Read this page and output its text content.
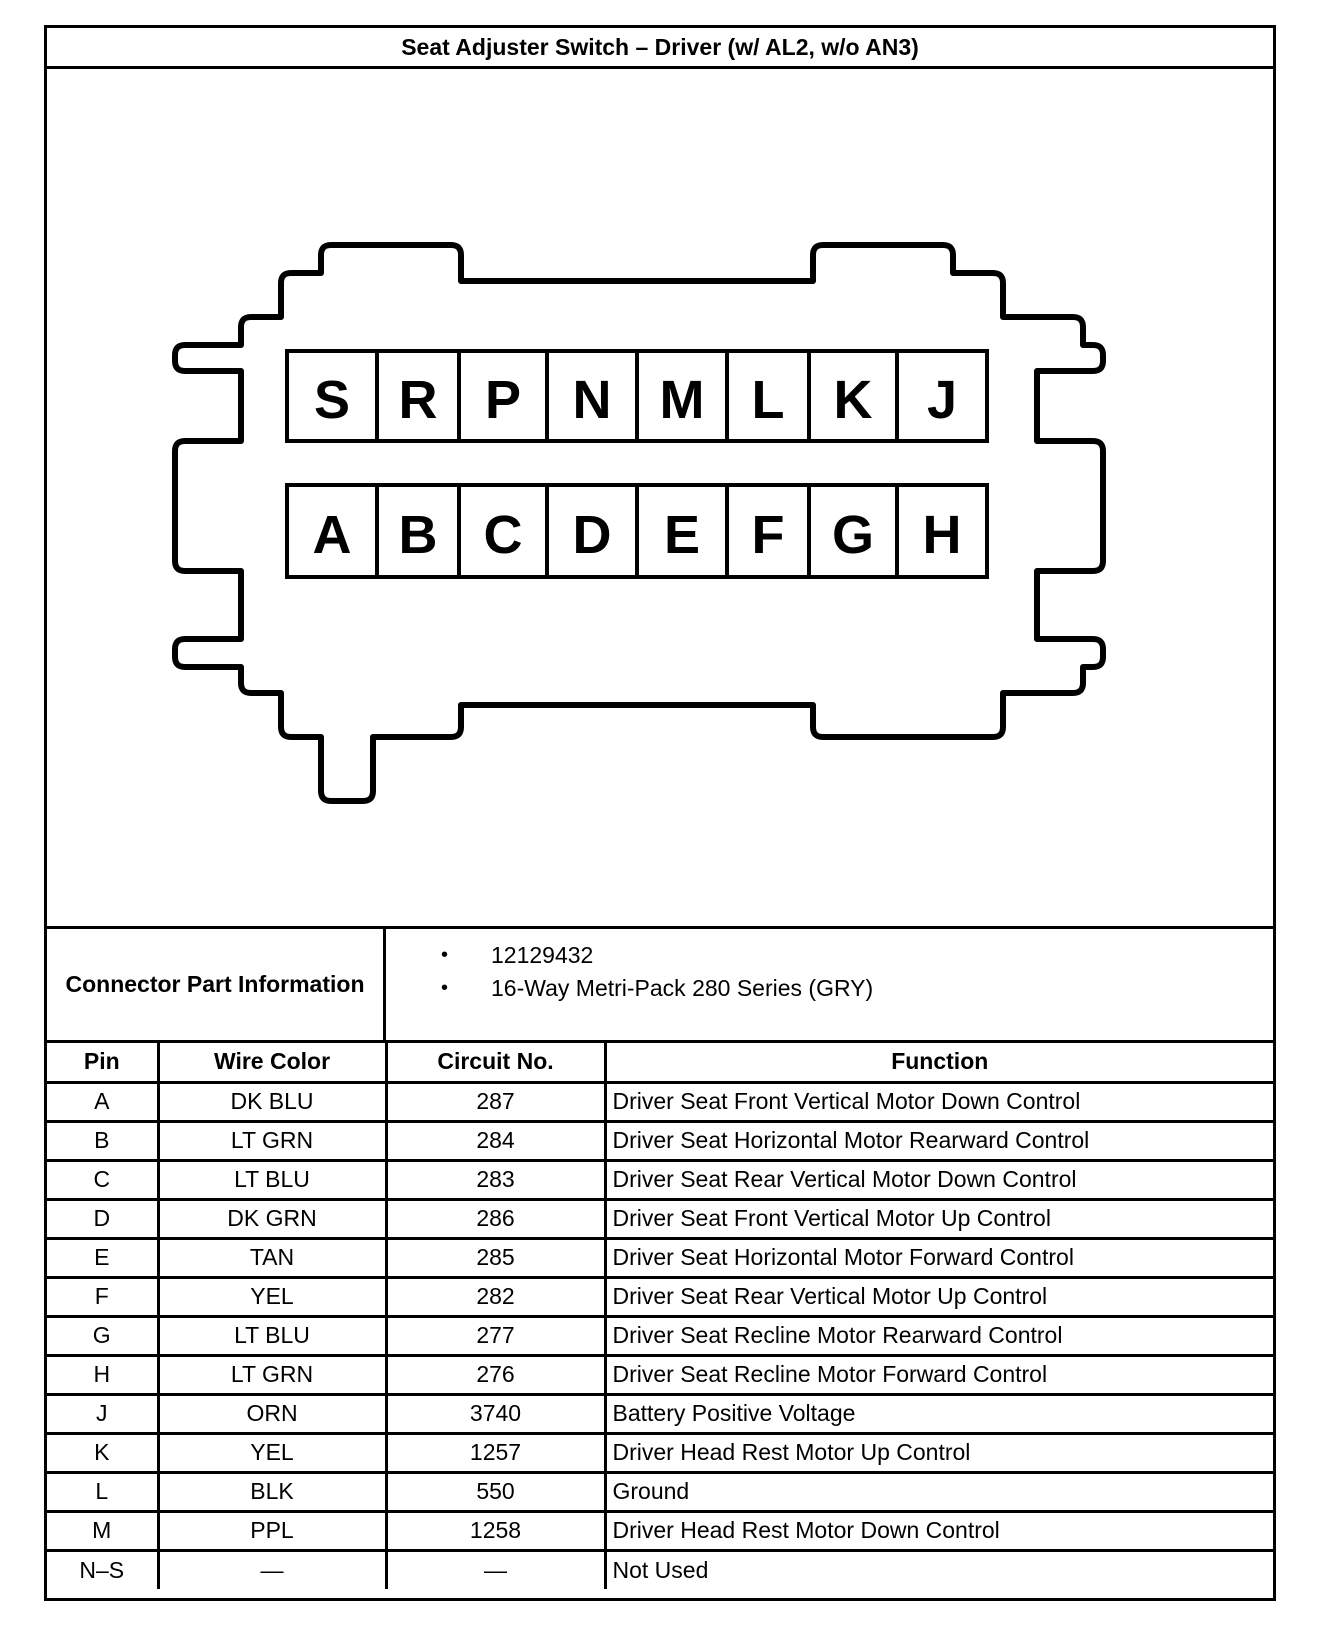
Seat Adjuster Switch – Driver (w/ AL2, w/o AN3)
S R P N M L K J
A B C D E F G H
Connector Part Information
• 12129432
• 16-Way Metri-Pack 280 Series (GRY)
Pin	Wire Color	Circuit No.	Function
A	DK BLU	287	Driver Seat Front Vertical Motor Down Control
B	LT GRN	284	Driver Seat Horizontal Motor Rearward Control
C	LT BLU	283	Driver Seat Rear Vertical Motor Down Control
D	DK GRN	286	Driver Seat Front Vertical Motor Up Control
E	TAN	285	Driver Seat Horizontal Motor Forward Control
F	YEL	282	Driver Seat Rear Vertical Motor Up Control
G	LT BLU	277	Driver Seat Recline Motor Rearward Control
H	LT GRN	276	Driver Seat Recline Motor Forward Control
J	ORN	3740	Battery Positive Voltage
K	YEL	1257	Driver Head Rest Motor Up Control
L	BLK	550	Ground
M	PPL	1258	Driver Head Rest Motor Down Control
N–S	—	—	Not Used
